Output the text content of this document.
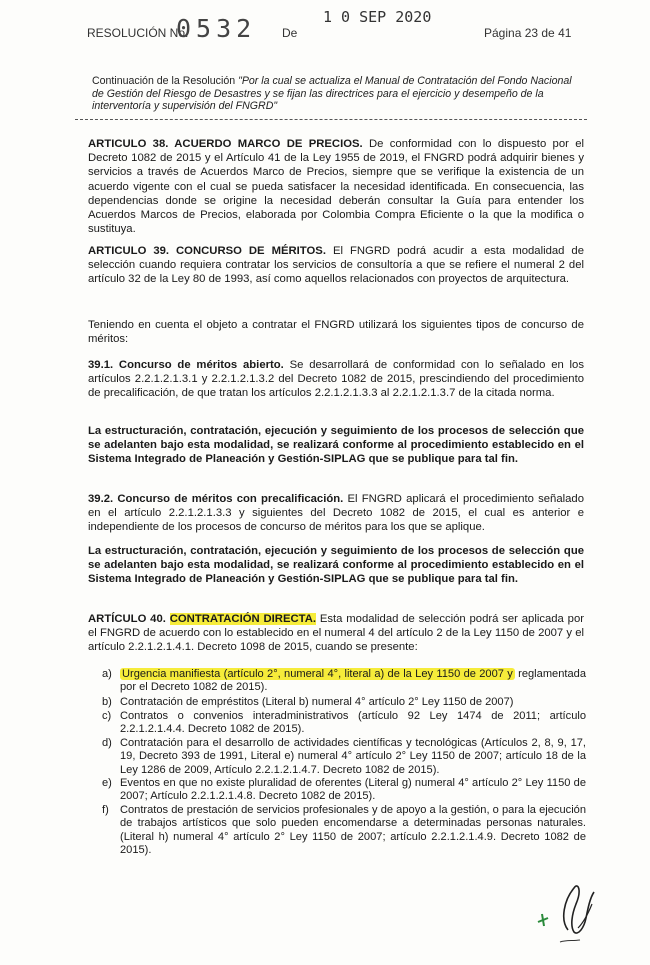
RESOLUCIÓN No.
0532 De
1 0 SEP 2020
Página 23 de 41
Continuación de la Resolución "Por la cual se actualiza el Manual de Contratación del Fondo Nacional de Gestión del Riesgo de Desastres y se fijan las directrices para el ejercicio y desempeño de la interventoría y supervisión del FNGRD"
ARTICULO 38. ACUERDO MARCO DE PRECIOS. De conformidad con lo dispuesto por el Decreto 1082 de 2015 y el Artículo 41 de la Ley 1955 de 2019, el FNGRD podrá adquirir bienes y servicios a través de Acuerdos Marco de Precios, siempre que se verifique la existencia de un acuerdo vigente con el cual se pueda satisfacer la necesidad identificada. En consecuencia, las dependencias donde se origine la necesidad deberán consultar la Guía para entender los Acuerdos Marcos de Precios, elaborada por Colombia Compra Eficiente o la que la modifica o sustituya.
ARTICULO 39. CONCURSO DE MÉRITOS. El FNGRD podrá acudir a esta modalidad de selección cuando requiera contratar los servicios de consultoría a que se refiere el numeral 2 del artículo 32 de la Ley 80 de 1993, así como aquellos relacionados con proyectos de arquitectura.
Teniendo en cuenta el objeto a contratar el FNGRD utilizará los siguientes tipos de concurso de méritos:
39.1. Concurso de méritos abierto. Se desarrollará de conformidad con lo señalado en los artículos 2.2.1.2.1.3.1 y 2.2.1.2.1.3.2 del Decreto 1082 de 2015, prescindiendo del procedimiento de precalificación, de que tratan los artículos 2.2.1.2.1.3.3 al 2.2.1.2.1.3.7 de la citada norma.
La estructuración, contratación, ejecución y seguimiento de los procesos de selección que se adelanten bajo esta modalidad, se realizará conforme al procedimiento establecido en el Sistema Integrado de Planeación y Gestión-SIPLAG que se publique para tal fin.
39.2. Concurso de méritos con precalificación. El FNGRD aplicará el procedimiento señalado en el artículo 2.2.1.2.1.3.3 y siguientes del Decreto 1082 de 2015, el cual es anterior e independiente de los procesos de concurso de méritos para los que se aplique.
La estructuración, contratación, ejecución y seguimiento de los procesos de selección que se adelanten bajo esta modalidad, se realizará conforme al procedimiento establecido en el Sistema Integrado de Planeación y Gestión-SIPLAG que se publique para tal fin.
ARTÍCULO 40. CONTRATACIÓN DIRECTA. Esta modalidad de selección podrá ser aplicada por el FNGRD de acuerdo con lo establecido en el numeral 4 del artículo 2 de la Ley 1150 de 2007 y el artículo 2.2.1.2.1.4.1. Decreto 1098 de 2015, cuando se presente:
a) Urgencia manifiesta (artículo 2°, numeral 4°, literal a) de la Ley 1150 de 2007 y reglamentada por el Decreto 1082 de 2015).
b) Contratación de empréstitos (Literal b) numeral 4° artículo 2° Ley 1150 de 2007)
c) Contratos o convenios interadministrativos (artículo 92 Ley 1474 de 2011; artículo 2.2.1.2.1.4.4. Decreto 1082 de 2015).
d) Contratación para el desarrollo de actividades científicas y tecnológicas (Artículos 2, 8, 9, 17, 19, Decreto 393 de 1991, Literal e) numeral 4° artículo 2° Ley 1150 de 2007; artículo 18 de la Ley 1286 de 2009, Artículo 2.2.1.2.1.4.7. Decreto 1082 de 2015).
e) Eventos en que no existe pluralidad de oferentes (Literal g) numeral 4° artículo 2° Ley 1150 de 2007; Artículo 2.2.1.2.1.4.8. Decreto 1082 de 2015).
f) Contratos de prestación de servicios profesionales y de apoyo a la gestión, o para la ejecución de trabajos artísticos que solo pueden encomendarse a determinadas personas naturales. (Literal h) numeral 4° artículo 2° Ley 1150 de 2007; artículo 2.2.1.2.1.4.9. Decreto 1082 de 2015).
